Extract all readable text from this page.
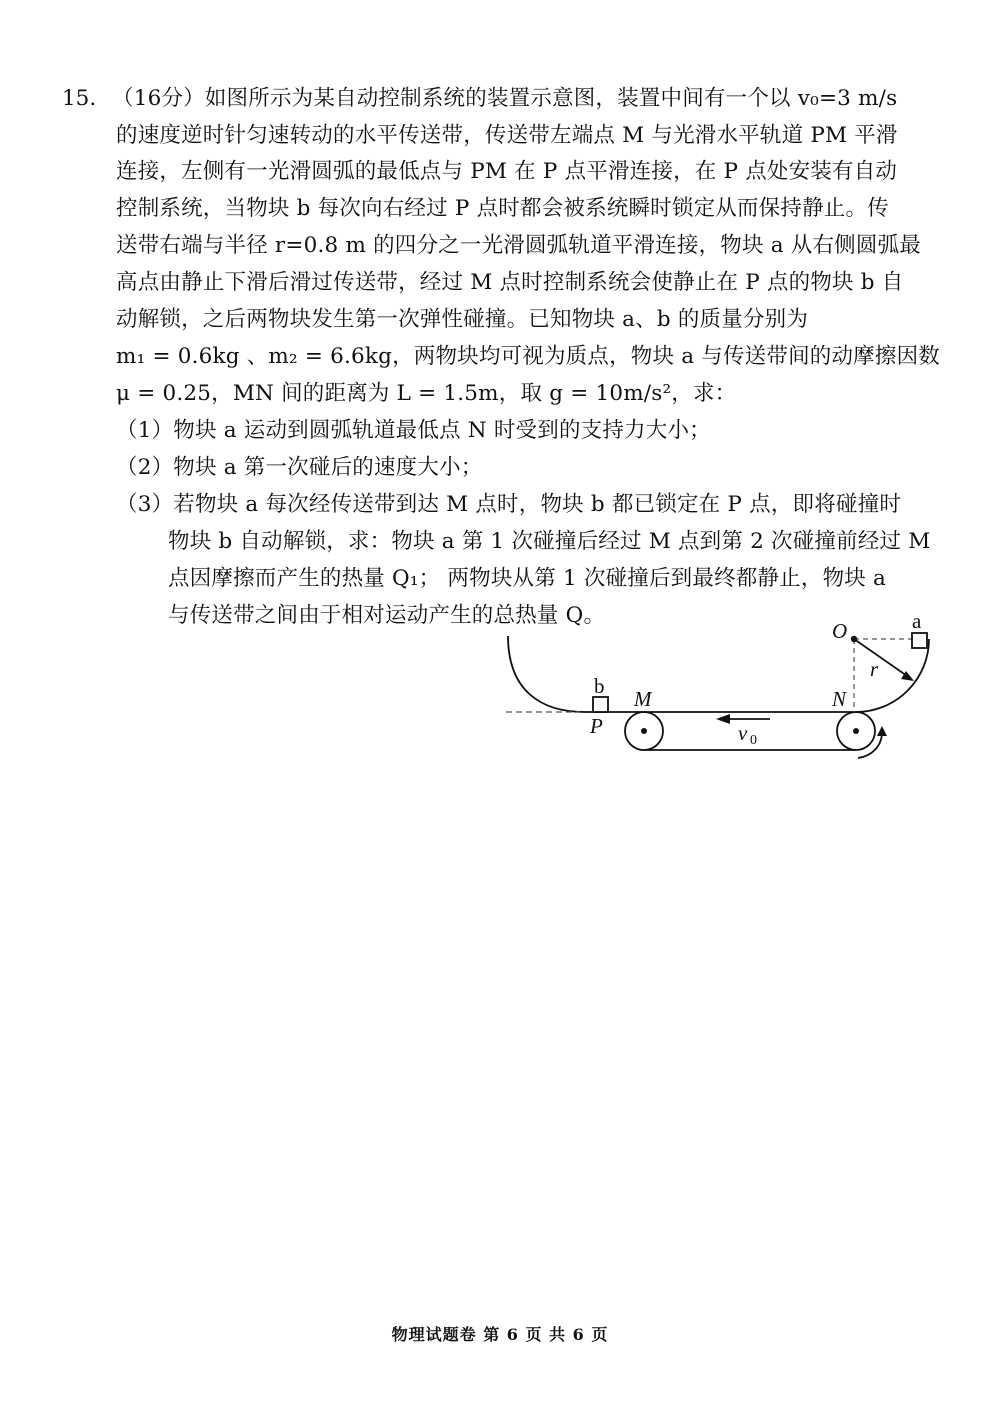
15. （16分）如图所示为某自动控制系统的装置示意图，装置中间有一个以 v₀=3 m/s
的速度逆时针匀速转动的水平传送带，传送带左端点 M 与光滑水平轨道 PM 平滑
连接，左侧有一光滑圆弧的最低点与 PM 在 P 点平滑连接，在 P 点处安装有自动
控制系统，当物块 b 每次向右经过 P 点时都会被系统瞬时锁定从而保持静止。传
送带右端与半径 r=0.8 m 的四分之一光滑圆弧轨道平滑连接，物块 a 从右侧圆弧最
高点由静止下滑后滑过传送带，经过 M 点时控制系统会使静止在 P 点的物块 b 自
动解锁，之后两物块发生第一次弹性碰撞。已知物块 a、b 的质量分别为
m₁ = 0.6kg 、m₂ = 6.6kg，两物块均可视为质点，物块 a 与传送带间的动摩擦因数
μ = 0.25，MN 间的距离为 L = 1.5m，取 g = 10m/s²，求：
（1）物块 a 运动到圆弧轨道最低点 N 时受到的支持力大小；
（2）物块 a 第一次碰后的速度大小；
（3）若物块 a 每次经传送带到达 M 点时，物块 b 都已锁定在 P 点，即将碰撞时
物块 b 自动解锁，求：物块 a 第 1 次碰撞后经过 M 点到第 2 次碰撞前经过 M
点因摩擦而产生的热量 Q₁； 两物块从第 1 次碰撞后到最终都静止，物块 a
与传送带之间由于相对运动产生的总热量 Q。
O	a
r
b
P
M	N
v 0
物理试题卷 第 6 页 共 6 页
